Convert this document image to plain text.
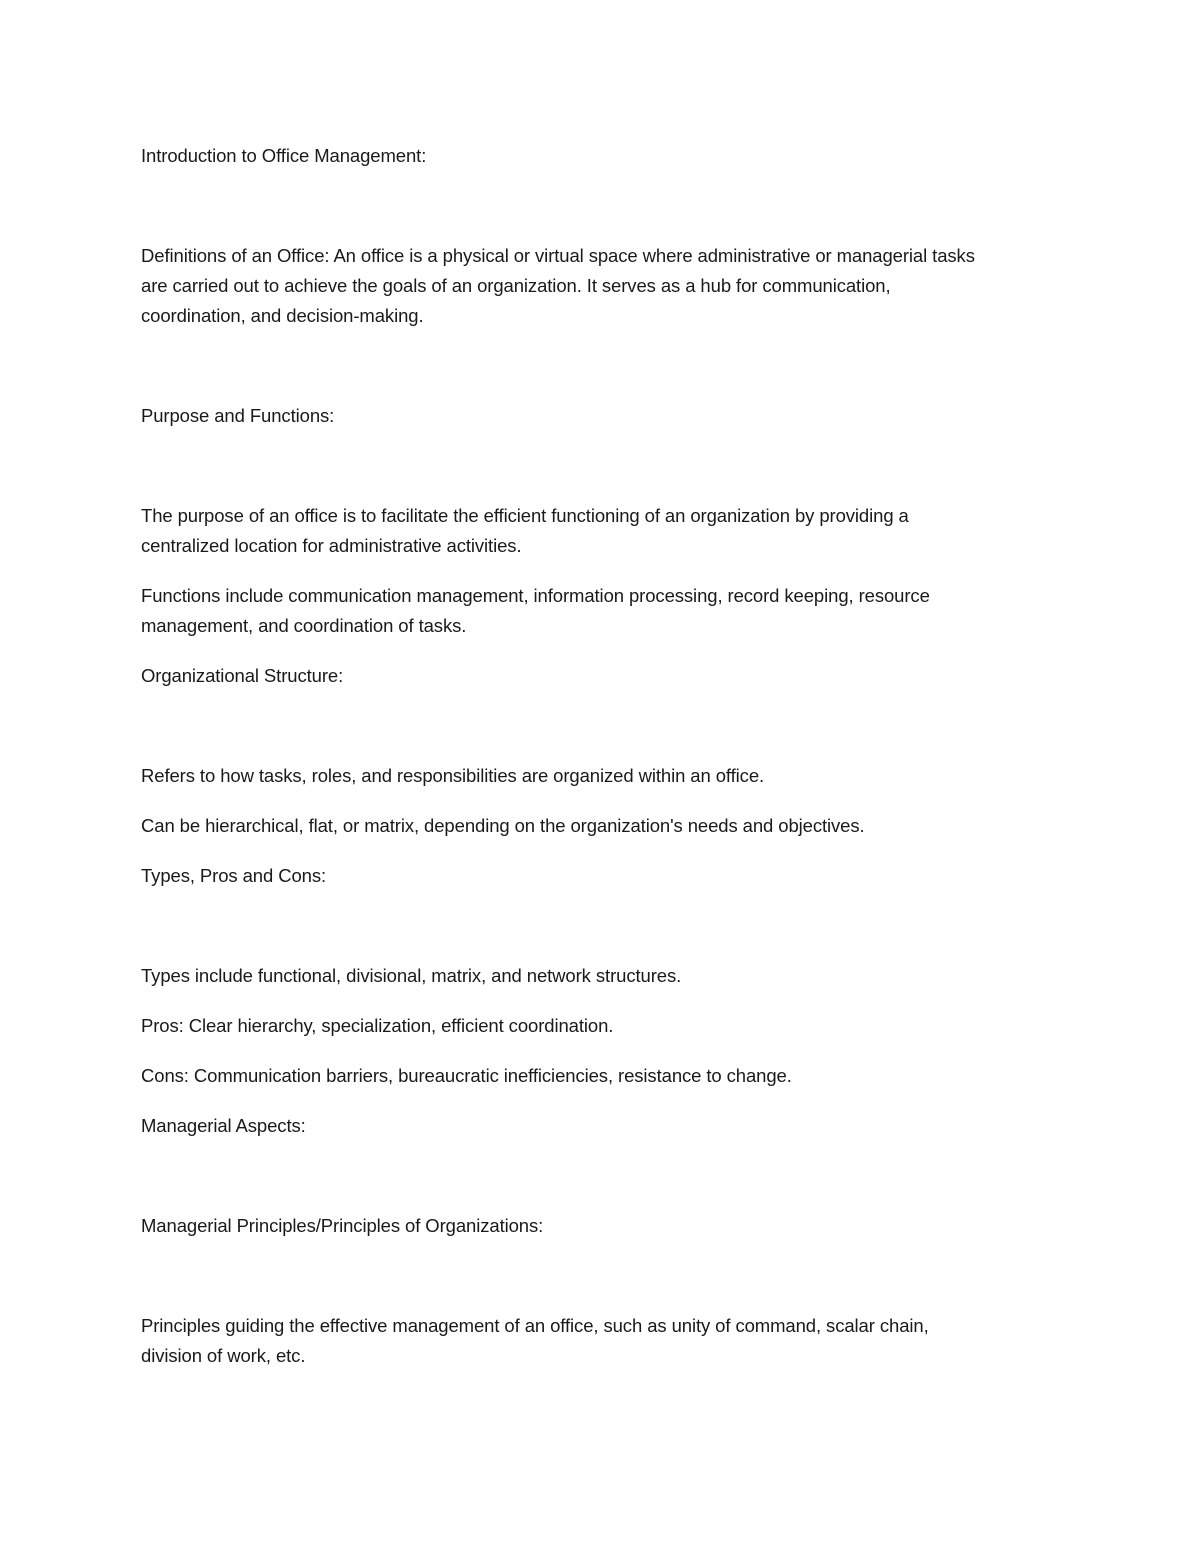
Introduction to Office Management:
Definitions of an Office: An office is a physical or virtual space where administrative or managerial tasks
are carried out to achieve the goals of an organization. It serves as a hub for communication,
coordination, and decision-making.
Purpose and Functions:
The purpose of an office is to facilitate the efficient functioning of an organization by providing a
centralized location for administrative activities.
Functions include communication management, information processing, record keeping, resource
management, and coordination of tasks.
Organizational Structure:
Refers to how tasks, roles, and responsibilities are organized within an office.
Can be hierarchical, flat, or matrix, depending on the organization's needs and objectives.
Types, Pros and Cons:
Types include functional, divisional, matrix, and network structures.
Pros: Clear hierarchy, specialization, efficient coordination.
Cons: Communication barriers, bureaucratic inefficiencies, resistance to change.
Managerial Aspects:
Managerial Principles/Principles of Organizations:
Principles guiding the effective management of an office, such as unity of command, scalar chain,
division of work, etc.
